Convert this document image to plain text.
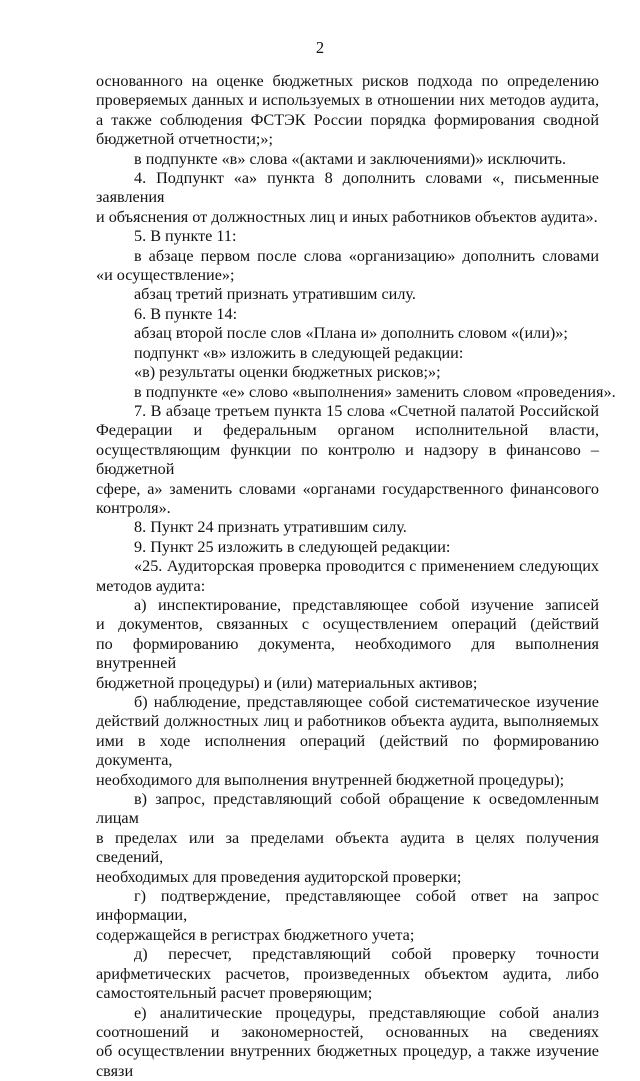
2

основанного на оценке бюджетных рисков подхода по определению
проверяемых данных и используемых в отношении них методов аудита,
а также соблюдения ФСТЭК России порядка формирования сводной
бюджетной отчетности;»;

в подпункте «в» слова «(актами и заключениями)» исключить.

4. Подпункт «а» пункта 8 дополнить словами «, письменные заявления
и объяснения от должностных лиц и иных работников объектов аудита».

5. В пункте 11:

в абзаце первом после слова «организацию» дополнить словами
«и осуществление»;

абзац третий признать утратившим силу.

6. В пункте 14:

абзац второй после слов «Плана и» дополнить словом «(или)»;

подпункт «в» изложить в следующей редакции:

«в) результаты оценки бюджетных рисков;»;

в подпункте «е» слово «выполнения» заменить словом «проведения».

7. В абзаце третьем пункта 15 слова «Счетной палатой Российской
Федерации и федеральным органом исполнительной власти,
осуществляющим функции по контролю и надзору в финансово – бюджетной
сфере, а» заменить словами «органами государственного финансового
контроля».

8. Пункт 24 признать утратившим силу.

9. Пункт 25 изложить в следующей редакции:

«25. Аудиторская проверка проводится с применением следующих
методов аудита:

а) инспектирование, представляющее собой изучение записей
и документов, связанных с осуществлением операций (действий
по формированию документа, необходимого для выполнения внутренней
бюджетной процедуры) и (или) материальных активов;

б) наблюдение, представляющее собой систематическое изучение
действий должностных лиц и работников объекта аудита, выполняемых
ими в ходе исполнения операций (действий по формированию документа,
необходимого для выполнения внутренней бюджетной процедуры);

в) запрос, представляющий собой обращение к осведомленным лицам
в пределах или за пределами объекта аудита в целях получения сведений,
необходимых для проведения аудиторской проверки;

г) подтверждение, представляющее собой ответ на запрос информации,
содержащейся в регистрах бюджетного учета;

д) пересчет, представляющий собой проверку точности
арифметических расчетов, произведенных объектом аудита, либо
самостоятельный расчет проверяющим;

е) аналитические процедуры, представляющие собой анализ
соотношений и закономерностей, основанных на сведениях
об осуществлении внутренних бюджетных процедур, а также изучение связи
